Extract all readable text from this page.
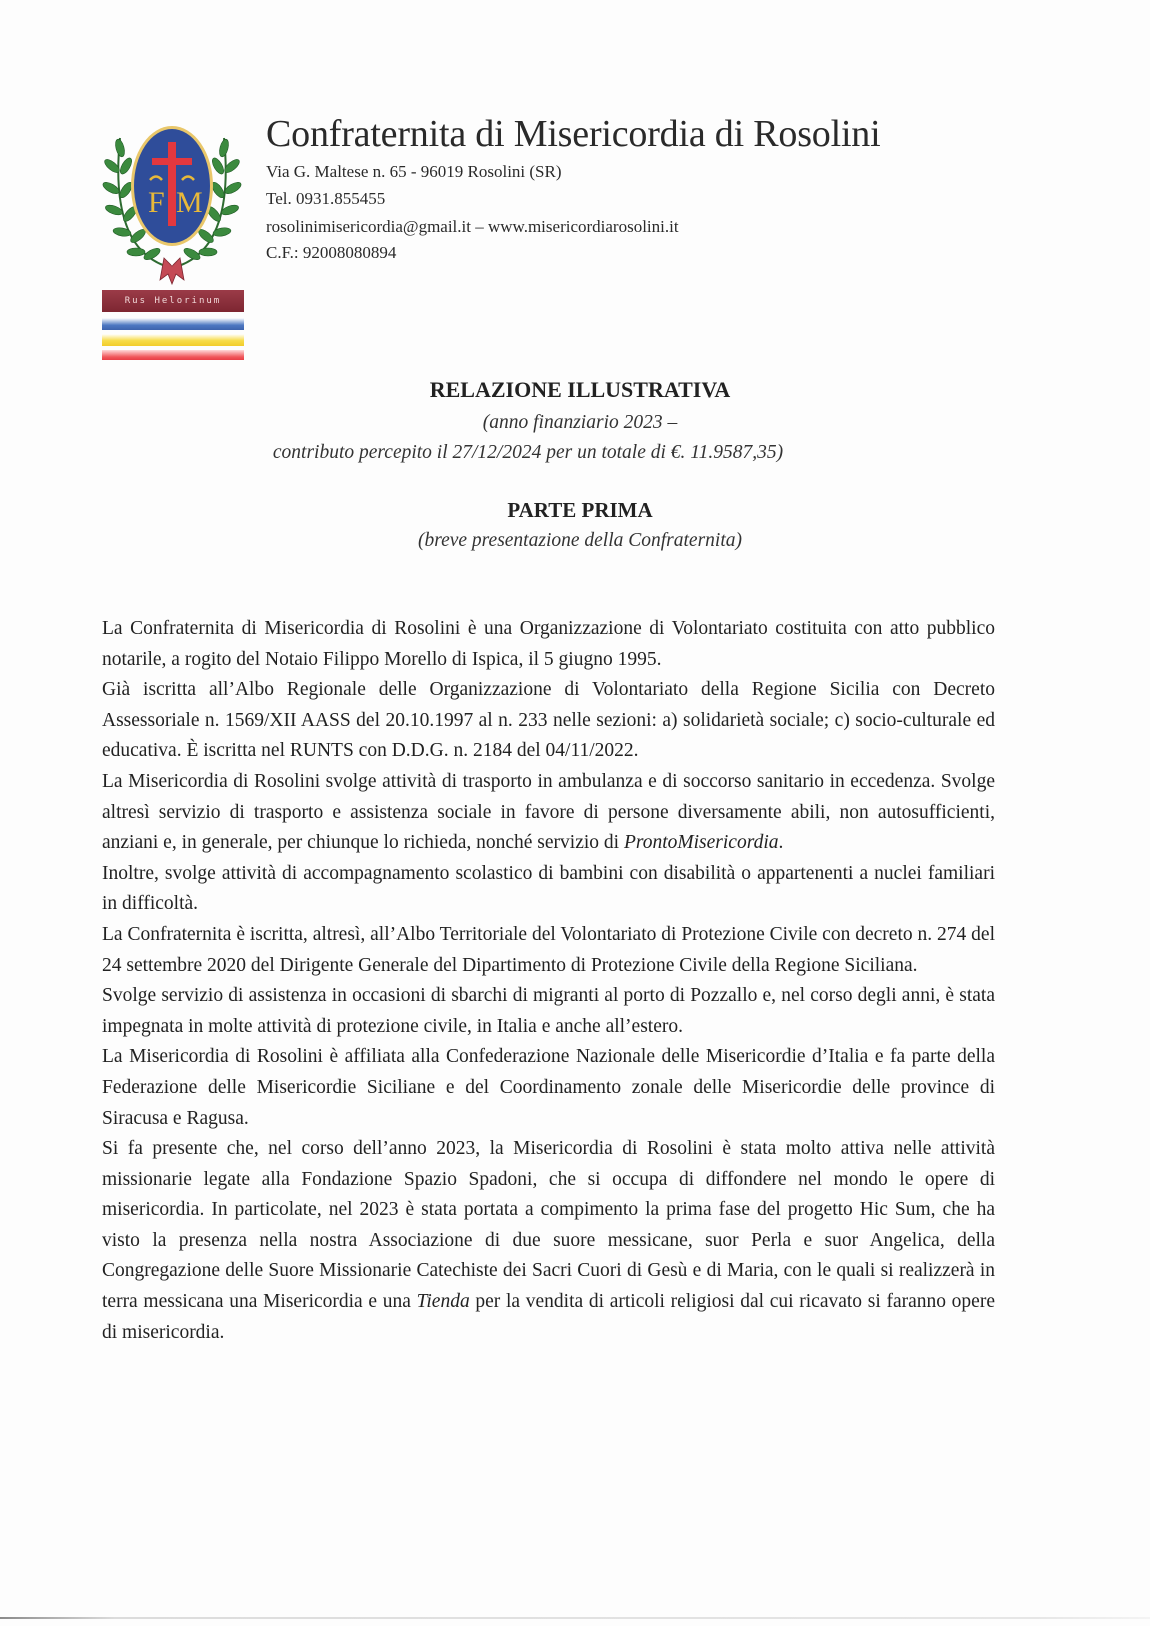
F M
Rus Helorinum
Confraternita di Misericordia di Rosolini
Via G. Maltese n. 65 - 96019 Rosolini (SR)
Tel. 0931.855455
rosolinimisericordia@gmail.it – www.misericordiarosolini.it
C.F.: 92008080894
RELAZIONE ILLUSTRATIVA
(anno finanziario 2023 –
contributo percepito il 27/12/2024 per un totale di €. 11.9587,35)
PARTE PRIMA
(breve presentazione della Confraternita)

La Confraternita di Misericordia di Rosolini è una Organizzazione di Volontariato costituita con atto pubblico notarile, a rogito del Notaio Filippo Morello di Ispica, il 5 giugno 1995.

Già iscritta all’Albo Regionale delle Organizzazione di Volontariato della Regione Sicilia con Decreto Assessoriale n. 1569/XII AASS del 20.10.1997 al n. 233 nelle sezioni: a) solidarietà sociale; c) socio-culturale ed educativa. È iscritta nel RUNTS con D.D.G. n. 2184 del 04/11/2022.

La Misericordia di Rosolini svolge attività di trasporto in ambulanza e di soccorso sanitario in eccedenza. Svolge altresì servizio di trasporto e assistenza sociale in favore di persone diversamente abili, non autosufficienti, anziani e, in generale, per chiunque lo richieda, nonché servizio di ProntoMisericordia.

Inoltre, svolge attività di accompagnamento scolastico di bambini con disabilità o appartenenti a nuclei familiari in difficoltà.

La Confraternita è iscritta, altresì, all’Albo Territoriale del Volontariato di Protezione Civile con decreto n. 274 del 24 settembre 2020 del Dirigente Generale del Dipartimento di Protezione Civile della Regione Siciliana.

Svolge servizio di assistenza in occasioni di sbarchi di migranti al porto di Pozzallo e, nel corso degli anni, è stata impegnata in molte attività di protezione civile, in Italia e anche all’estero.

La Misericordia di Rosolini è affiliata alla Confederazione Nazionale delle Misericordie d’Italia e fa parte della Federazione delle Misericordie Siciliane e del Coordinamento zonale delle Misericordie delle province di Siracusa e Ragusa.

Si fa presente che, nel corso dell’anno 2023, la Misericordia di Rosolini è stata molto attiva nelle attività missionarie legate alla Fondazione Spazio Spadoni, che si occupa di diffondere nel mondo le opere di misericordia. In particolate, nel 2023 è stata portata a compimento la prima fase del progetto Hic Sum, che ha visto la presenza nella nostra Associazione di due suore messicane, suor Perla e suor Angelica, della Congregazione delle Suore Missionarie Catechiste dei Sacri Cuori di Gesù e di Maria, con le quali si realizzerà in terra messicana una Misericordia e una Tienda per la vendita di articoli religiosi dal cui ricavato si faranno opere di misericordia.
